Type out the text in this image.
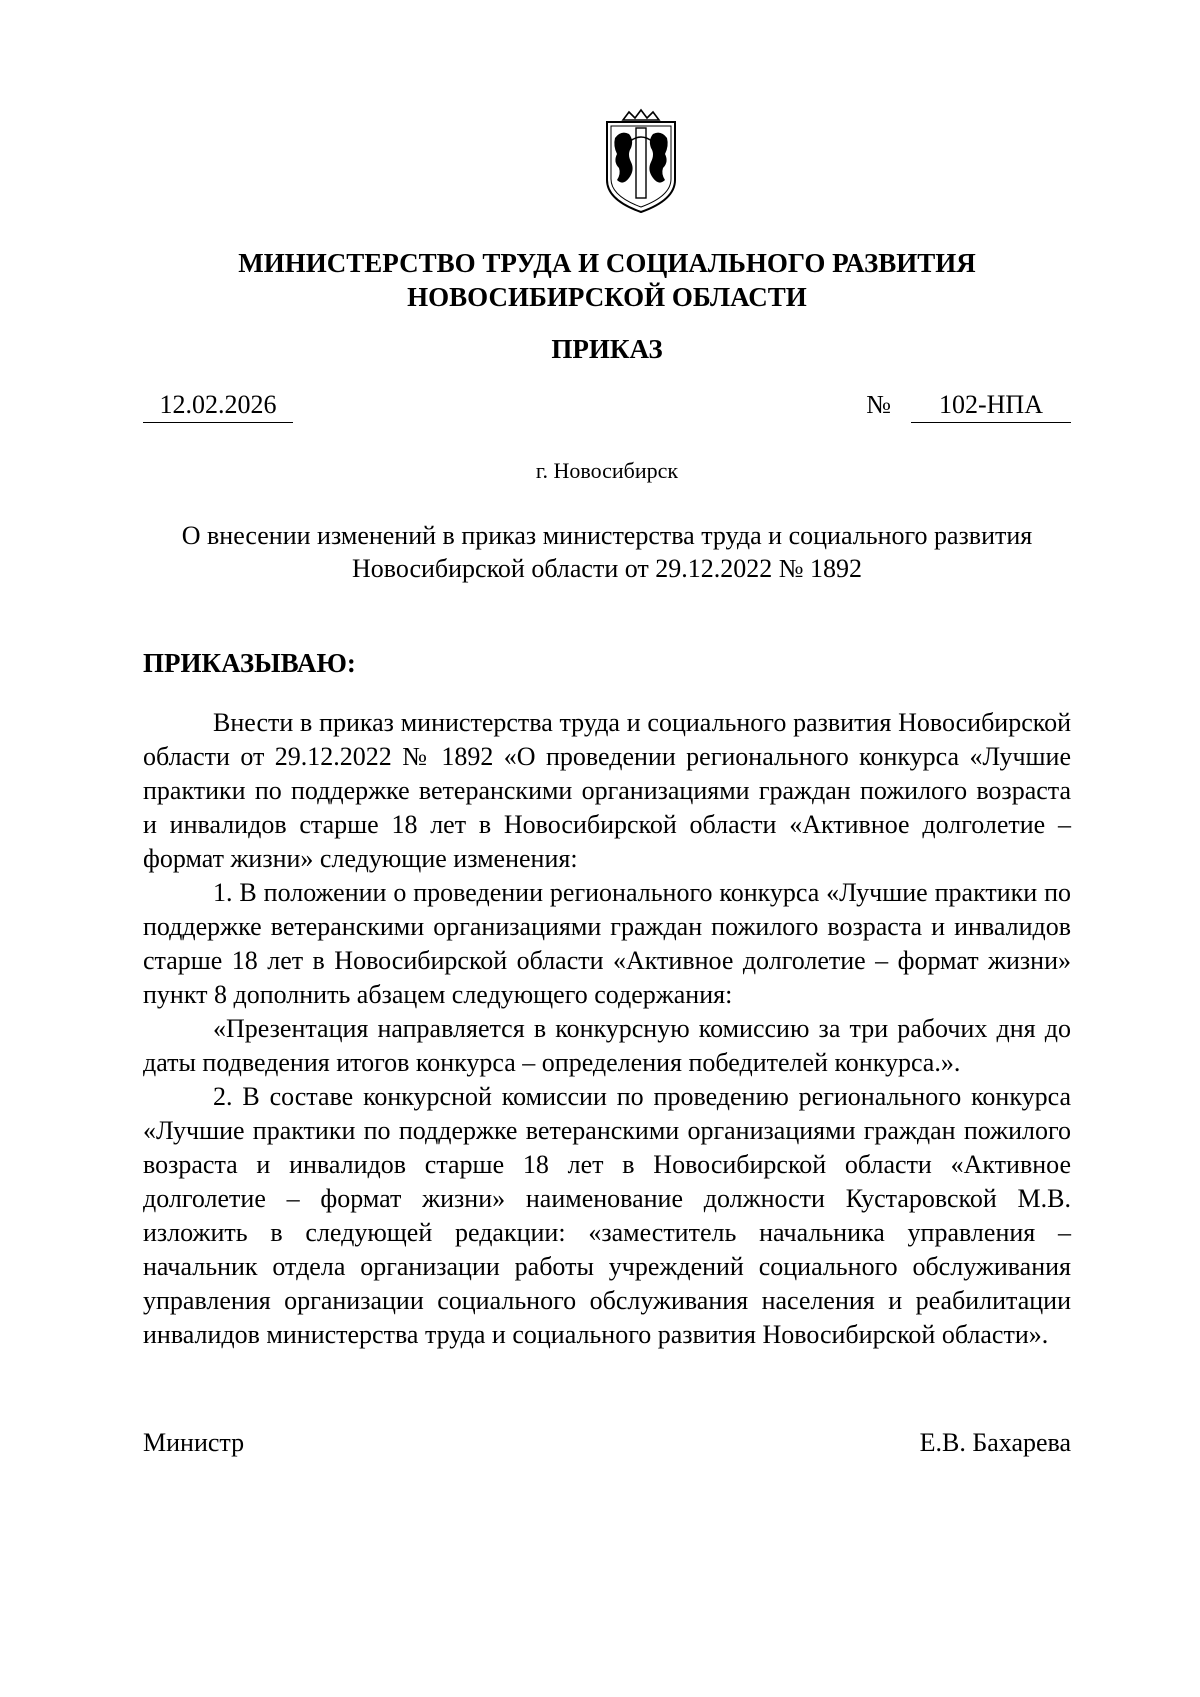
МИНИСТЕРСТВО ТРУДА И СОЦИАЛЬНОГО РАЗВИТИЯ
НОВОСИБИРСКОЙ ОБЛАСТИ
ПРИКАЗ
12.02.2026	№	102-НПА
г. Новосибирск
О внесении изменений в приказ министерства труда и социального развития
Новосибирской области от 29.12.2022 № 1892
ПРИКАЗЫВАЮ:

Внести в приказ министерства труда и социального развития Новосибирской области от 29.12.2022 № 1892 «О проведении регионального конкурса «Лучшие практики по поддержке ветеранскими организациями граждан пожилого возраста и инвалидов старше 18 лет в Новосибирской области «Активное долголетие – формат жизни» следующие изменения:

1. В положении о проведении регионального конкурса «Лучшие практики по поддержке ветеранскими организациями граждан пожилого возраста и инвалидов старше 18 лет в Новосибирской области «Активное долголетие – формат жизни» пункт 8 дополнить абзацем следующего содержания:

«Презентация направляется в конкурсную комиссию за три рабочих дня до даты подведения итогов конкурса – определения победителей конкурса.».

2. В составе конкурсной комиссии по проведению регионального конкурса «Лучшие практики по поддержке ветеранскими организациями граждан пожилого возраста и инвалидов старше 18 лет в Новосибирской области «Активное долголетие – формат жизни» наименование должности Кустаровской М.В. изложить в следующей редакции: «заместитель начальника управления – начальник отдела организации работы учреждений социального обслуживания управления организации социального обслуживания населения и реабилитации инвалидов министерства труда и социального развития Новосибирской области».

Министр	Е.В. Бахарева
